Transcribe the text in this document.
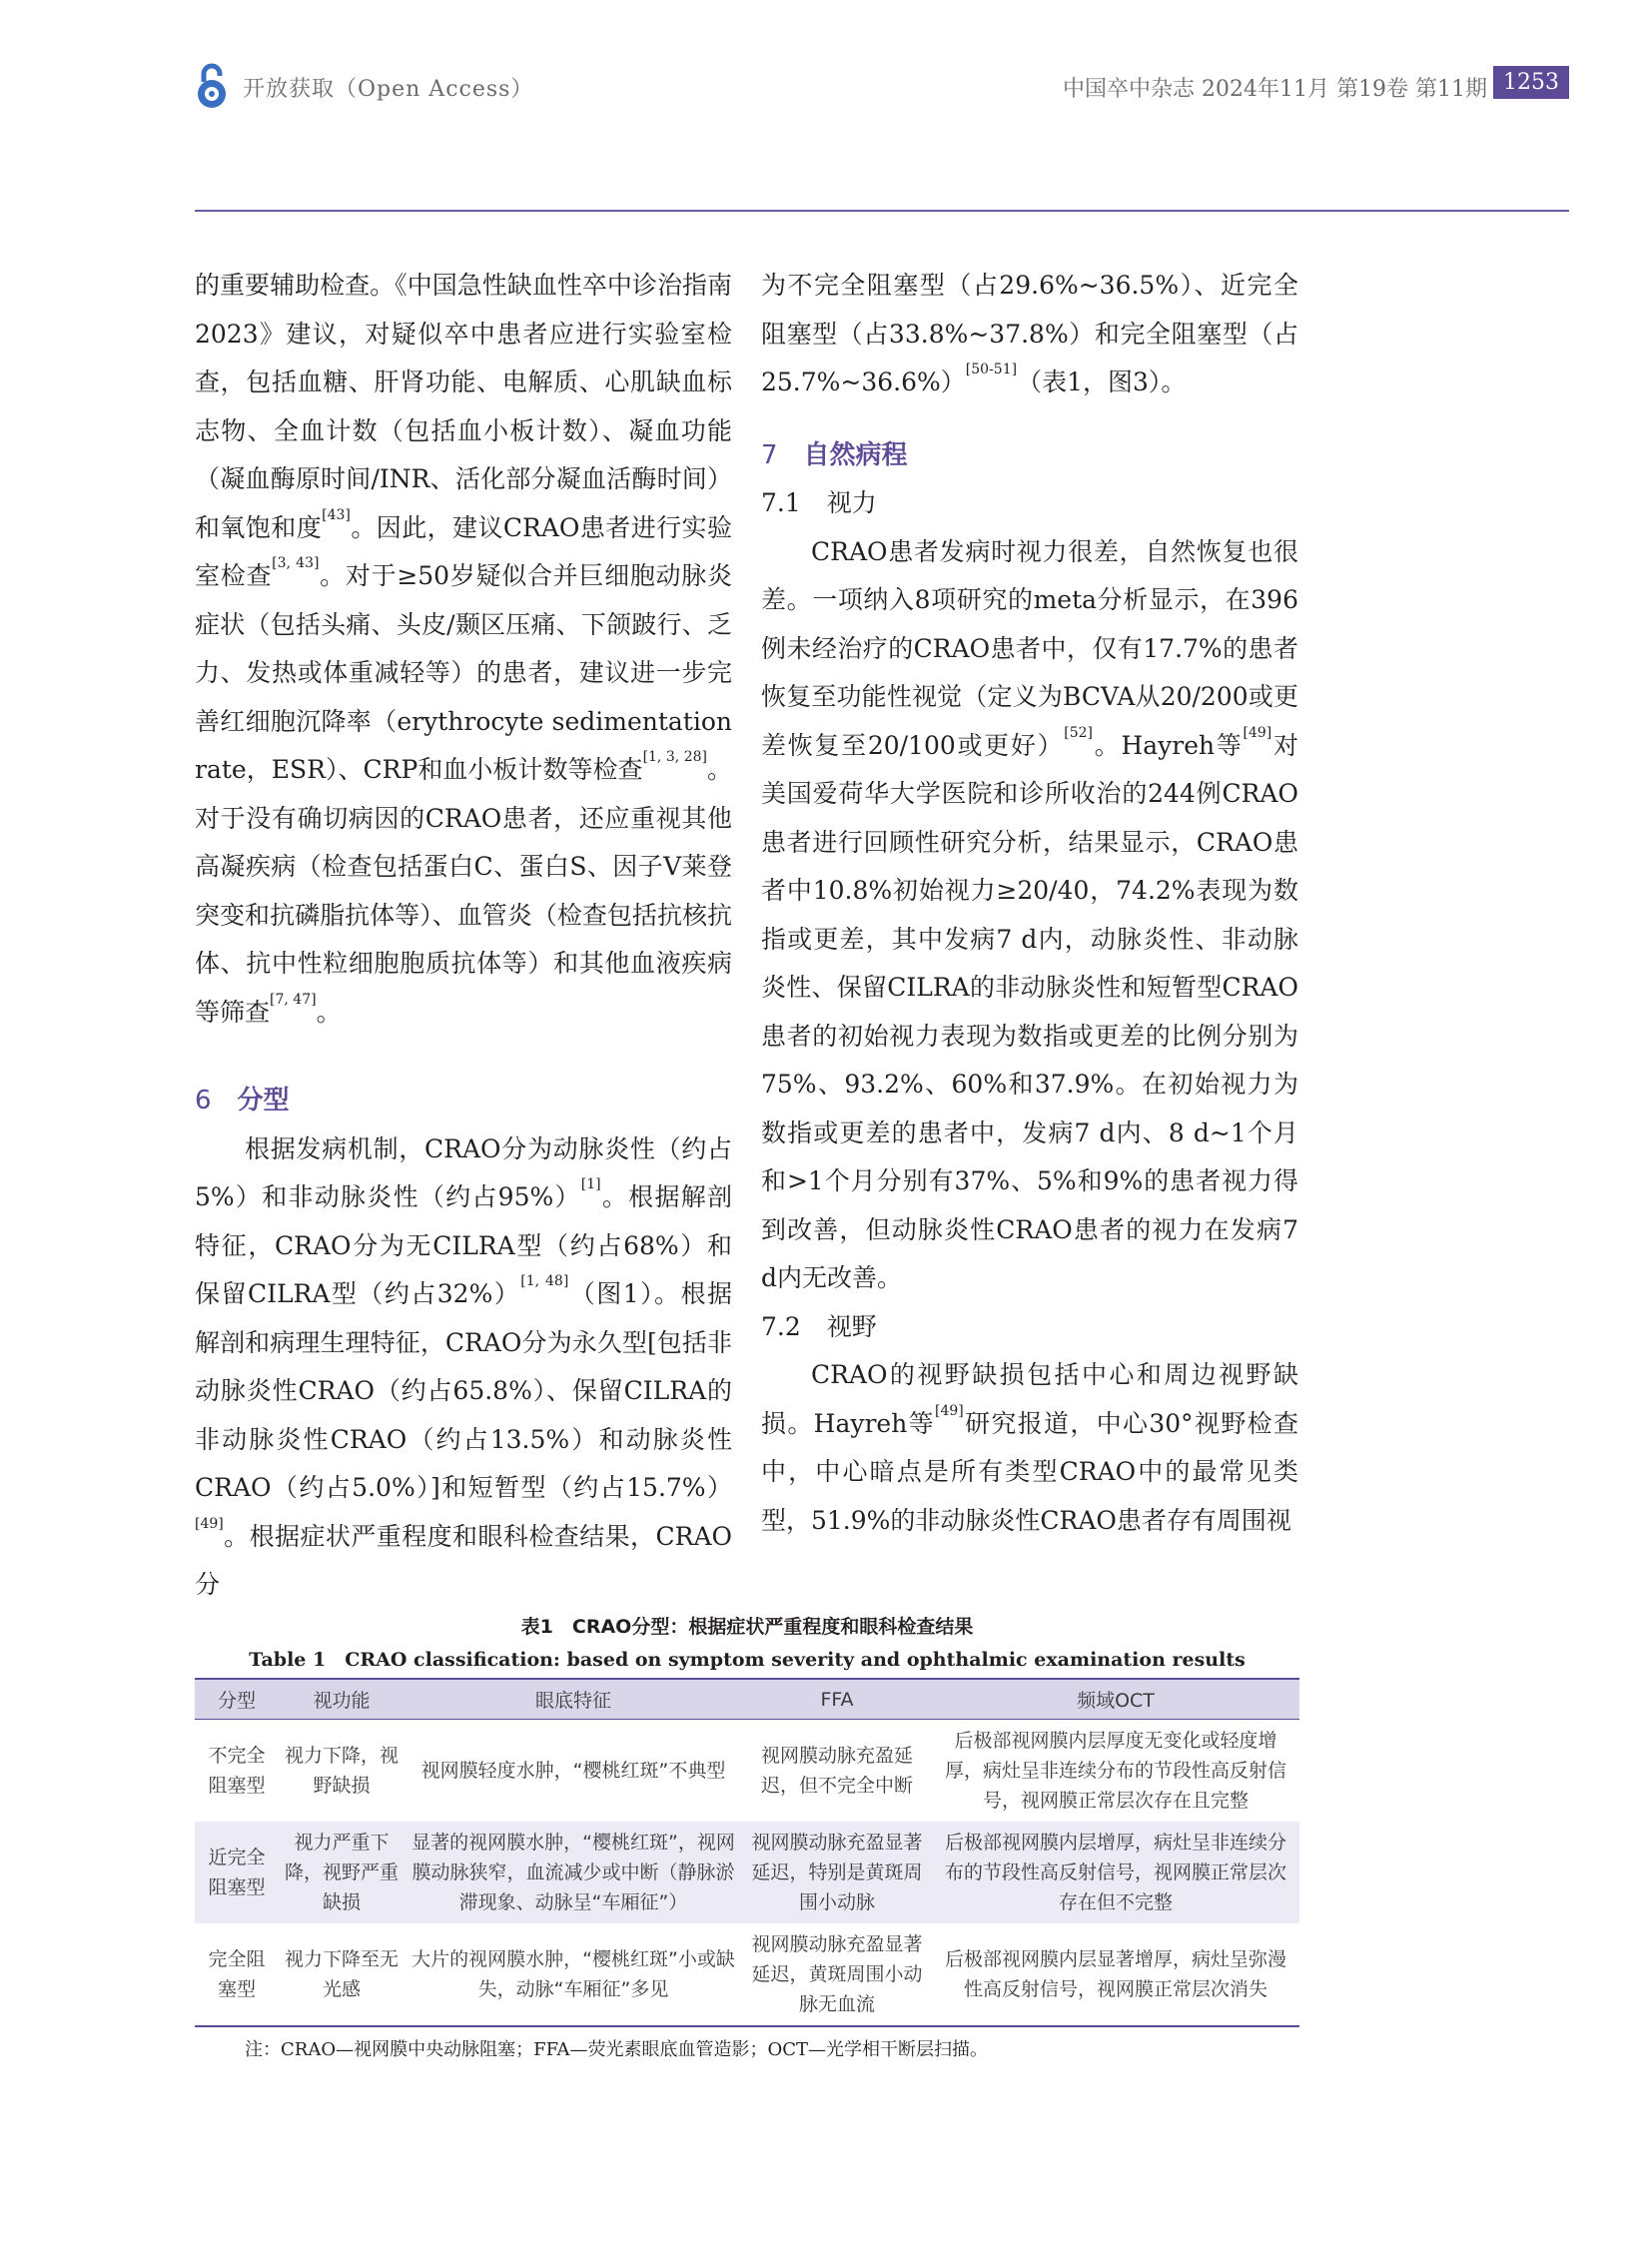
开放获取（Open Access）	中国卒中杂志 2024年11月 第19卷 第11期 1253

的重要辅助检查。《中国急性缺血性卒中诊治指南2023》建议，对疑似卒中患者应进行实验室检查，包括血糖、肝肾功能、电解质、心肌缺血标志物、全血计数（包括血小板计数）、凝血功能（凝血酶原时间/INR、活化部分凝血活酶时间）和氧饱和度[43]。因此，建议CRAO患者进行实验室检查[3, 43]。对于≥50岁疑似合并巨细胞动脉炎症状（包括头痛、头皮/颞区压痛、下颌跛行、乏力、发热或体重减轻等）的患者，建议进一步完善红细胞沉降率（erythrocyte sedimentation rate，ESR）、CRP和血小板计数等检查[1, 3, 28]。对于没有确切病因的CRAO患者，还应重视其他高凝疾病（检查包括蛋白C、蛋白S、因子V莱登突变和抗磷脂抗体等）、血管炎（检查包括抗核抗体、抗中性粒细胞胞质抗体等）和其他血液疾病等筛查[7, 47]。

6 分型

根据发病机制，CRAO分为动脉炎性（约占5%）和非动脉炎性（约占95%）[1]。根据解剖特征，CRAO分为无CILRA型（约占68%）和保留CILRA型（约占32%）[1, 48]（图1）。根据解剖和病理生理特征，CRAO分为永久型[包括非动脉炎性CRAO（约占65.8%）、保留CILRA的非动脉炎性CRAO（约占13.5%）和动脉炎性CRAO（约占5.0%）]和短暂型（约占15.7%）[49]。根据症状严重程度和眼科检查结果，CRAO分

为不完全阻塞型（占29.6%~36.5%）、近完全阻塞型（占33.8%~37.8%）和完全阻塞型（占25.7%~36.6%）[50-51]（表1，图3）。

7 自然病程

7.1 视力

CRAO患者发病时视力很差，自然恢复也很差。一项纳入8项研究的meta分析显示，在396例未经治疗的CRAO患者中，仅有17.7%的患者恢复至功能性视觉（定义为BCVA从20/200或更差恢复至20/100或更好）[52]。Hayreh等[49]对美国爱荷华大学医院和诊所收治的244例CRAO患者进行回顾性研究分析，结果显示，CRAO患者中10.8%初始视力≥20/40，74.2%表现为数指或更差，其中发病7 d内，动脉炎性、非动脉炎性、保留CILRA的非动脉炎性和短暂型CRAO患者的初始视力表现为数指或更差的比例分别为75%、93.2%、60%和37.9%。在初始视力为数指或更差的患者中，发病7 d内、8 d~1个月和>1个月分别有37%、5%和9%的患者视力得到改善，但动脉炎性CRAO患者的视力在发病7 d内无改善。

7.2 视野

CRAO的视野缺损包括中心和周边视野缺损。Hayreh等[49]研究报道，中心30°视野检查中，中心暗点是所有类型CRAO中的最常见类型，51.9%的非动脉炎性CRAO患者存有周围视

表1　CRAO分型：根据症状严重程度和眼科检查结果
Table 1　CRAO classification: based on symptom severity and ophthalmic examination results
分型	视功能	眼底特征	FFA	频域OCT
不完全阻塞型	视力下降，视野缺损	视网膜轻度水肿，“樱桃红斑”不典型	视网膜动脉充盈延迟，但不完全中断	后极部视网膜内层厚度无变化或轻度增厚，病灶呈非连续分布的节段性高反射信号，视网膜正常层次存在且完整
近完全阻塞型	视力严重下降，视野严重缺损	显著的视网膜水肿，“樱桃红斑”，视网膜动脉狭窄，血流减少或中断（静脉淤滞现象、动脉呈“车厢征”）	视网膜动脉充盈显著延迟，特别是黄斑周围小动脉	后极部视网膜内层增厚，病灶呈非连续分布的节段性高反射信号，视网膜正常层次存在但不完整
完全阻塞型	视力下降至无光感	大片的视网膜水肿，“樱桃红斑”小或缺失，动脉“车厢征”多见	视网膜动脉充盈显著延迟，黄斑周围小动脉无血流	后极部视网膜内层显著增厚，病灶呈弥漫性高反射信号，视网膜正常层次消失
注：CRAO—视网膜中央动脉阻塞；FFA—荧光素眼底血管造影；OCT—光学相干断层扫描。
